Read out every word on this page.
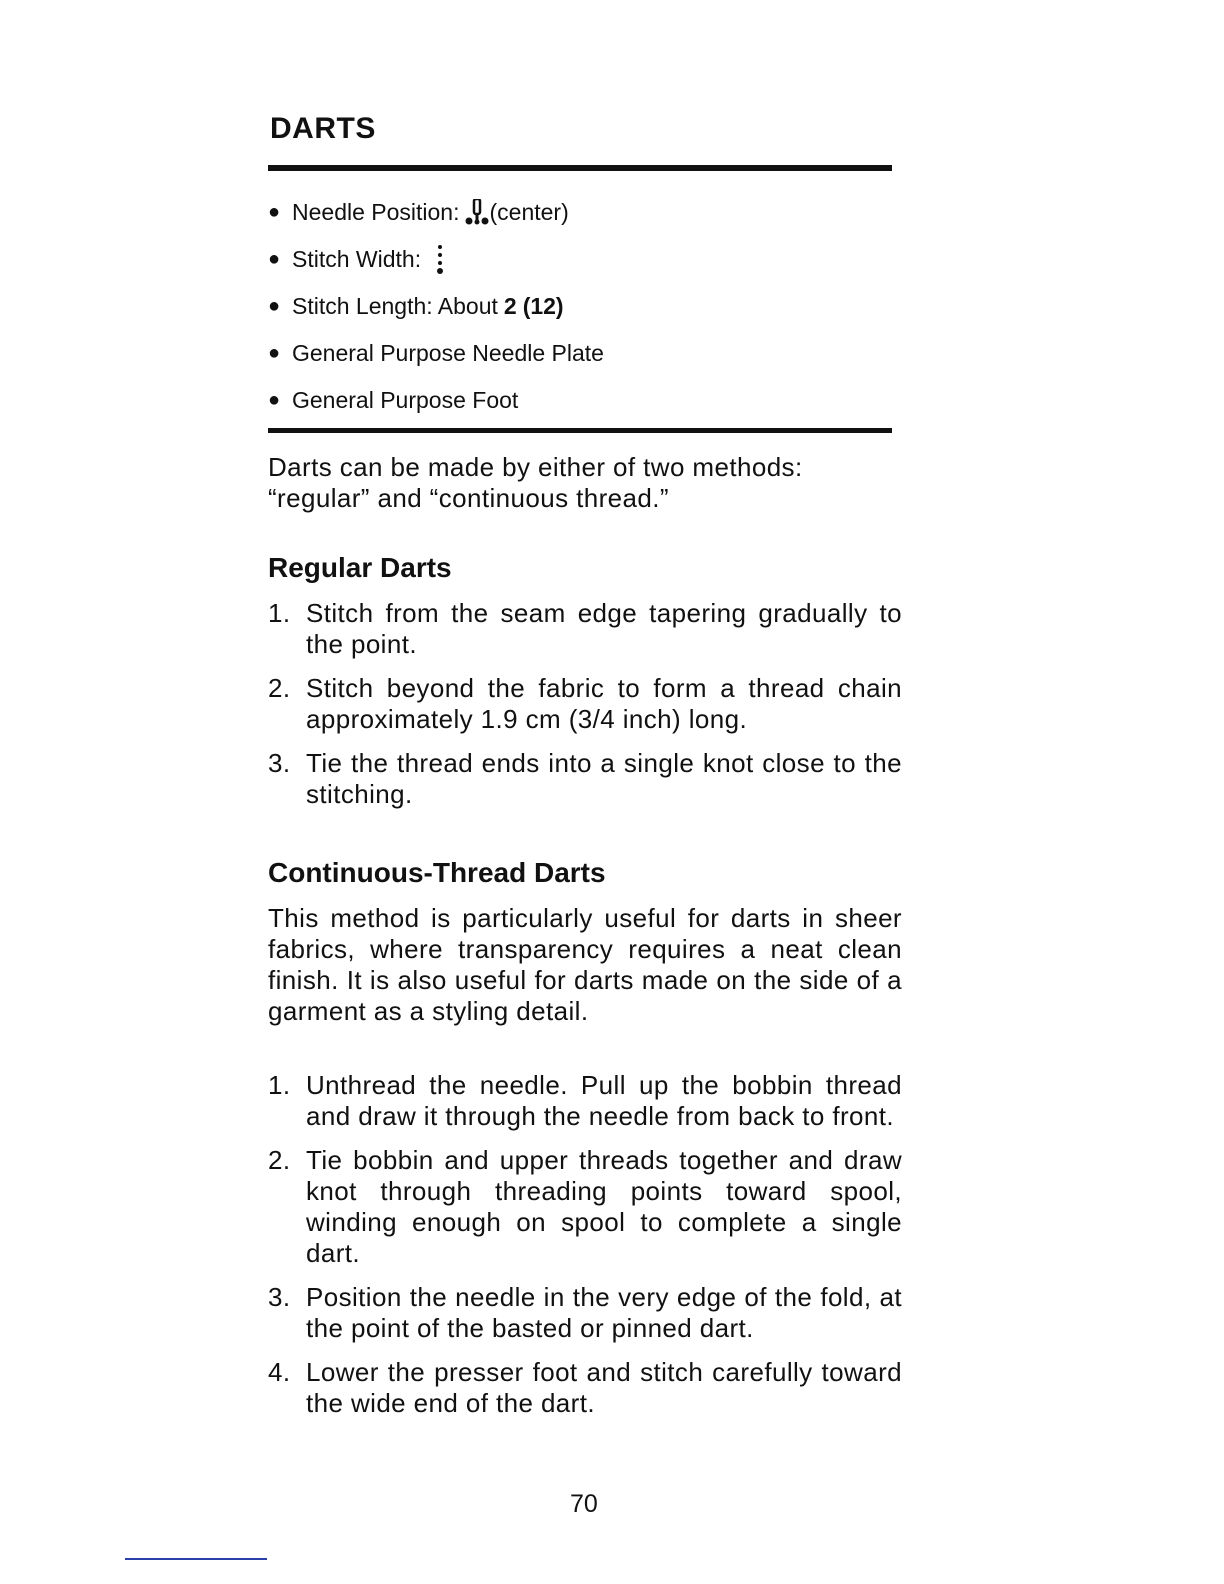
DARTS
● Needle Position: (center)
● Stitch Width:
● Stitch Length: About 2 (12)
● General Purpose Needle Plate
● General Purpose Foot

Darts can be made by either of two methods: “regular” and “continuous thread.”

Regular Darts
1. Stitch from the seam edge tapering gradually to the point.
2. Stitch beyond the fabric to form a thread chain approximately 1.9 cm (3/4 inch) long.
3. Tie the thread ends into a single knot close to the stitching.
Continuous-Thread Darts

This method is particularly useful for darts in sheer fabrics, where transparency requires a neat clean finish. It is also useful for darts made on the side of a garment as a styling detail.

1. Unthread the needle. Pull up the bobbin thread and draw it through the needle from back to front.
2. Tie bobbin and upper threads together and draw knot through threading points toward spool, winding enough on spool to complete a single dart.
3. Position the needle in the very edge of the fold, at the point of the basted or pinned dart.
4. Lower the presser foot and stitch carefully toward the wide end of the dart.
70
